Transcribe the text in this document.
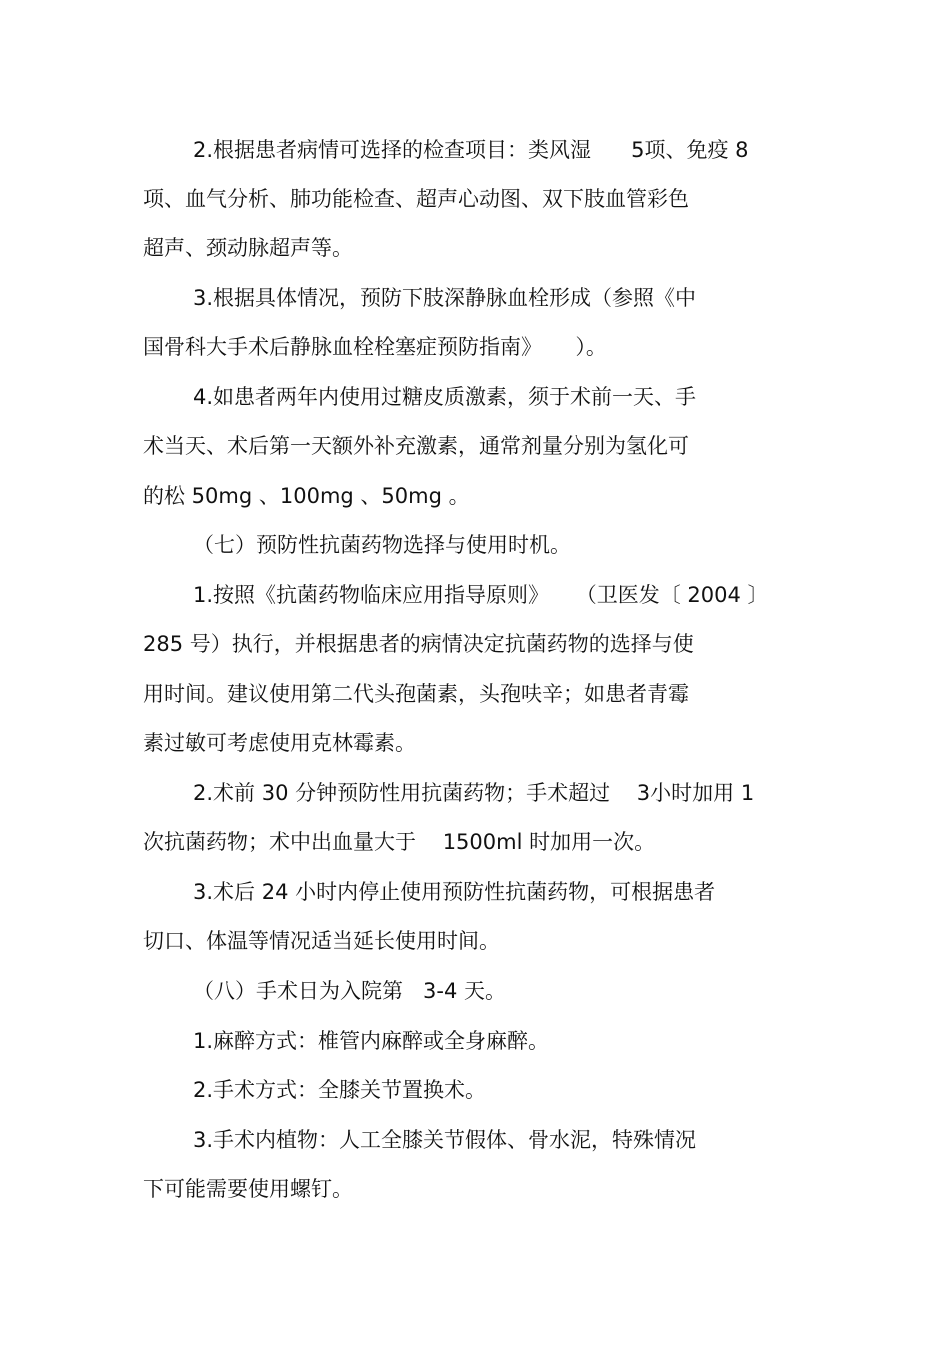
2.根据患者病情可选择的检查项目：类风湿      5项、免疫 8
项、血气分析、肺功能检查、超声心动图、双下肢血管彩色
超声、颈动脉超声等。
3.根据具体情况，预防下肢深静脉血栓形成（参照《中
国骨科大手术后静脉血栓栓塞症预防指南》     ）。
4.如患者两年内使用过糖皮质激素，须于术前一天、手
术当天、术后第一天额外补充激素，通常剂量分别为氢化可
的松 50mg 、100mg 、50mg 。
（七）预防性抗菌药物选择与使用时机。
1.按照《抗菌药物临床应用指导原则》    （卫医发〔 2004 〕
285 号）执行，并根据患者的病情决定抗菌药物的选择与使
用时间。建议使用第二代头孢菌素，头孢呋辛；如患者青霉
素过敏可考虑使用克林霉素。
2.术前 30 分钟预防性用抗菌药物；手术超过    3小时加用 1
次抗菌药物；术中出血量大于    1500ml 时加用一次。
3.术后 24 小时内停止使用预防性抗菌药物，可根据患者
切口、体温等情况适当延长使用时间。
（八）手术日为入院第   3-4 天。
1.麻醉方式：椎管内麻醉或全身麻醉。
2.手术方式：全膝关节置换术。
3.手术内植物：人工全膝关节假体、骨水泥，特殊情况
下可能需要使用螺钉。
